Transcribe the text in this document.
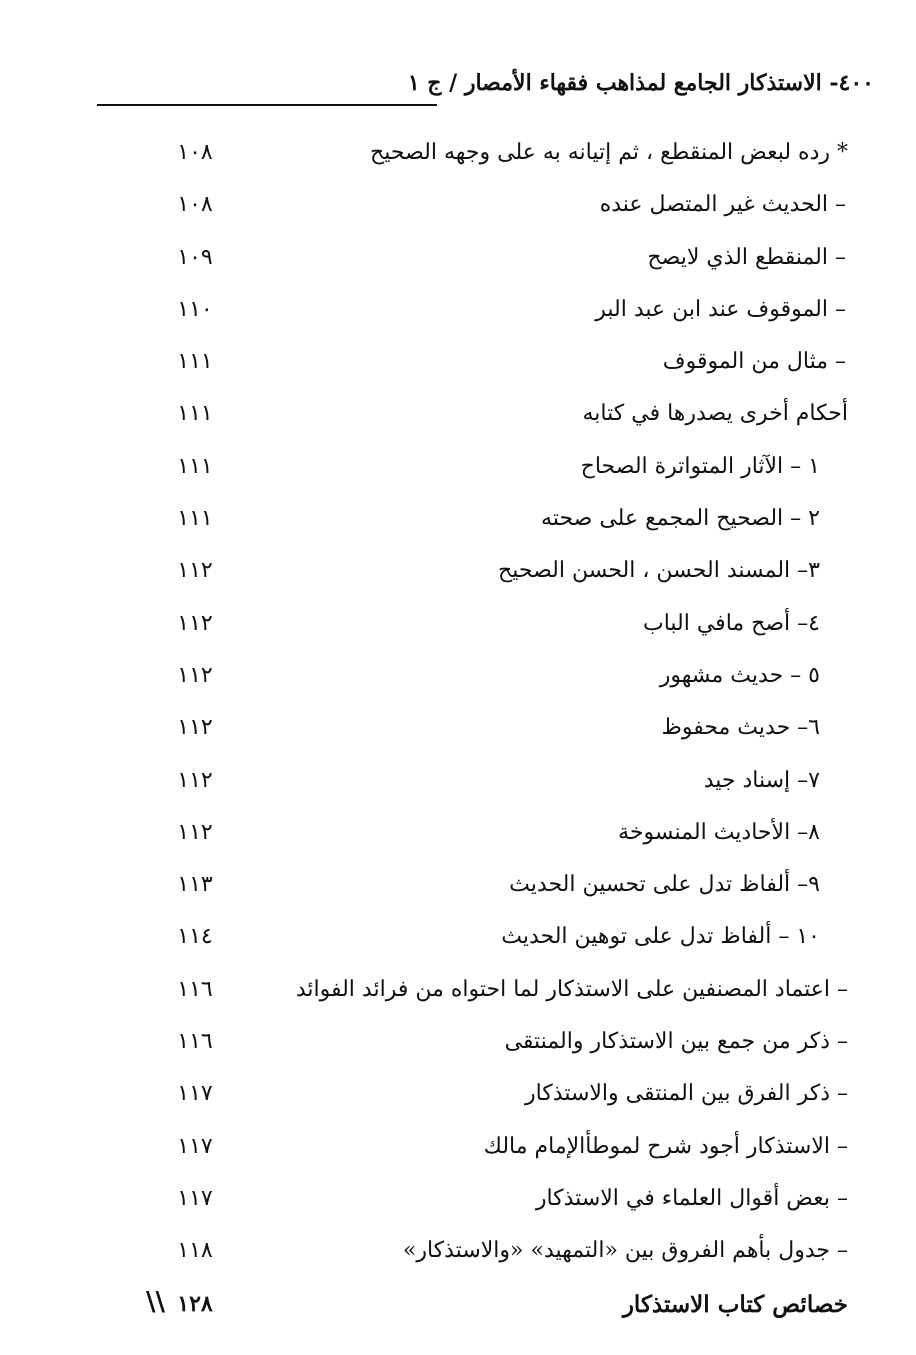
٤٠٠- الاستذكار الجامع لمذاهب فقهاء الأمصار / ج ١
* رده لبعض المنقطع ، ثم إتيانه به على وجهه الصحيح
١٠٨
– الحديث غير المتصل عنده
١٠٨
– المنقطع الذي لايصح
١٠٩
– الموقوف عند ابن عبد البر
١١٠
– مثال من الموقوف
١١١
أحكام أخرى يصدرها في كتابه
١١١
١ – الآثار المتواترة الصحاح
١١١
٢ – الصحيح المجمع على صحته
١١١
٣– المسند الحسن ، الحسن الصحيح
١١٢
٤– أصح مافي الباب
١١٢
٥ – حديث مشهور
١١٢
٦– حديث محفوظ
١١٢
٧– إسناد جيد
١١٢
٨– الأحاديث المنسوخة
١١٢
٩– ألفاظ تدل على تحسين الحديث
١١٣
١٠ – ألفاظ تدل على توهين الحديث
١١٤
– اعتماد المصنفين على الاستذكار لما احتواه من فرائد الفوائد
١١٦
– ذكر من جمع بين الاستذكار والمنتقى
١١٦
– ذكر الفرق بين المنتقى والاستذكار
١١٧
– الاستذكار أجود شرح لموطأالإمام مالك
١١٧
– بعض أقوال العلماء في الاستذكار
١١٧
– جدول بأهم الفروق بين «التمهيد» «والاستذكار»
١١٨
خصائص كتاب الاستذكار
١٢٨
\\
